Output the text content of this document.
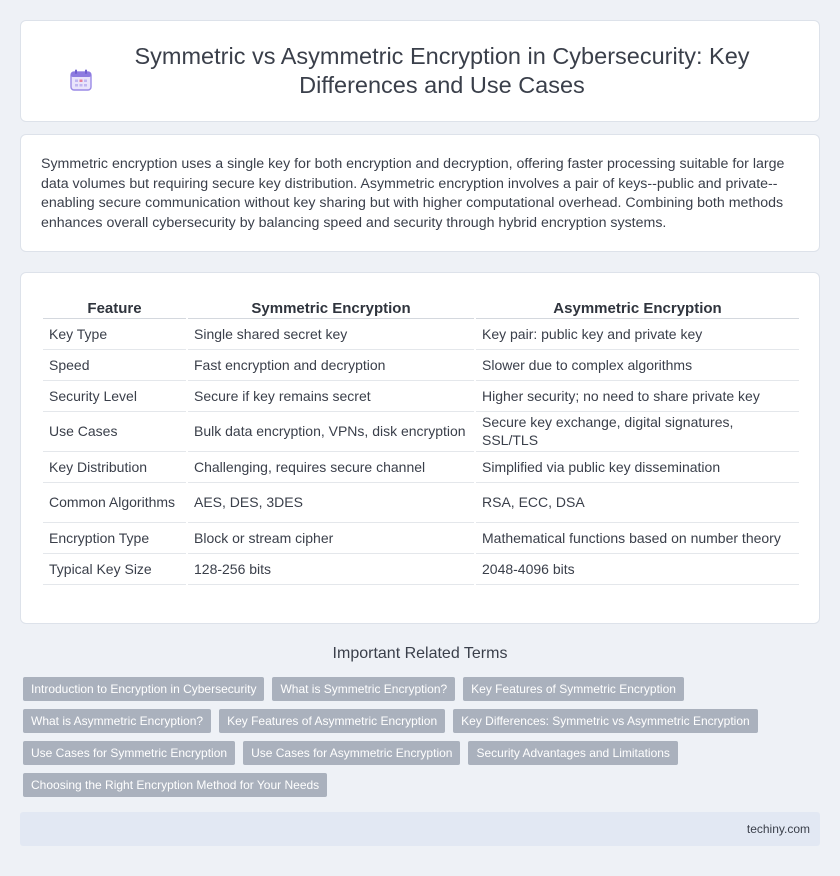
Symmetric vs Asymmetric Encryption in Cybersecurity: Key Differences and Use Cases

Symmetric encryption uses a single key for both encryption and decryption, offering faster processing suitable for large data volumes but requiring secure key distribution. Asymmetric encryption involves a pair of keys--public and private--enabling secure communication without key sharing but with higher computational overhead. Combining both methods enhances overall cybersecurity by balancing speed and security through hybrid encryption systems.

Feature	Symmetric Encryption	Asymmetric Encryption
Key Type	Single shared secret key	Key pair: public key and private key
Speed	Fast encryption and decryption	Slower due to complex algorithms
Security Level	Secure if key remains secret	Higher security; no need to share private key
Use Cases	Bulk data encryption, VPNs, disk encryption	Secure key exchange, digital signatures, SSL/TLS
Key Distribution	Challenging, requires secure channel	Simplified via public key dissemination
Common Algorithms	AES, DES, 3DES	RSA, ECC, DSA
Encryption Type	Block or stream cipher	Mathematical functions based on number theory
Typical Key Size	128-256 bits	2048-4096 bits
Important Related Terms
Introduction to Encryption in Cybersecurity	What is Symmetric Encryption?	Key Features of Symmetric Encryption
What is Asymmetric Encryption?	Key Features of Asymmetric Encryption	Key Differences: Symmetric vs Asymmetric Encryption
Use Cases for Symmetric Encryption	Use Cases for Asymmetric Encryption	Security Advantages and Limitations
Choosing the Right Encryption Method for Your Needs
techiny.com
